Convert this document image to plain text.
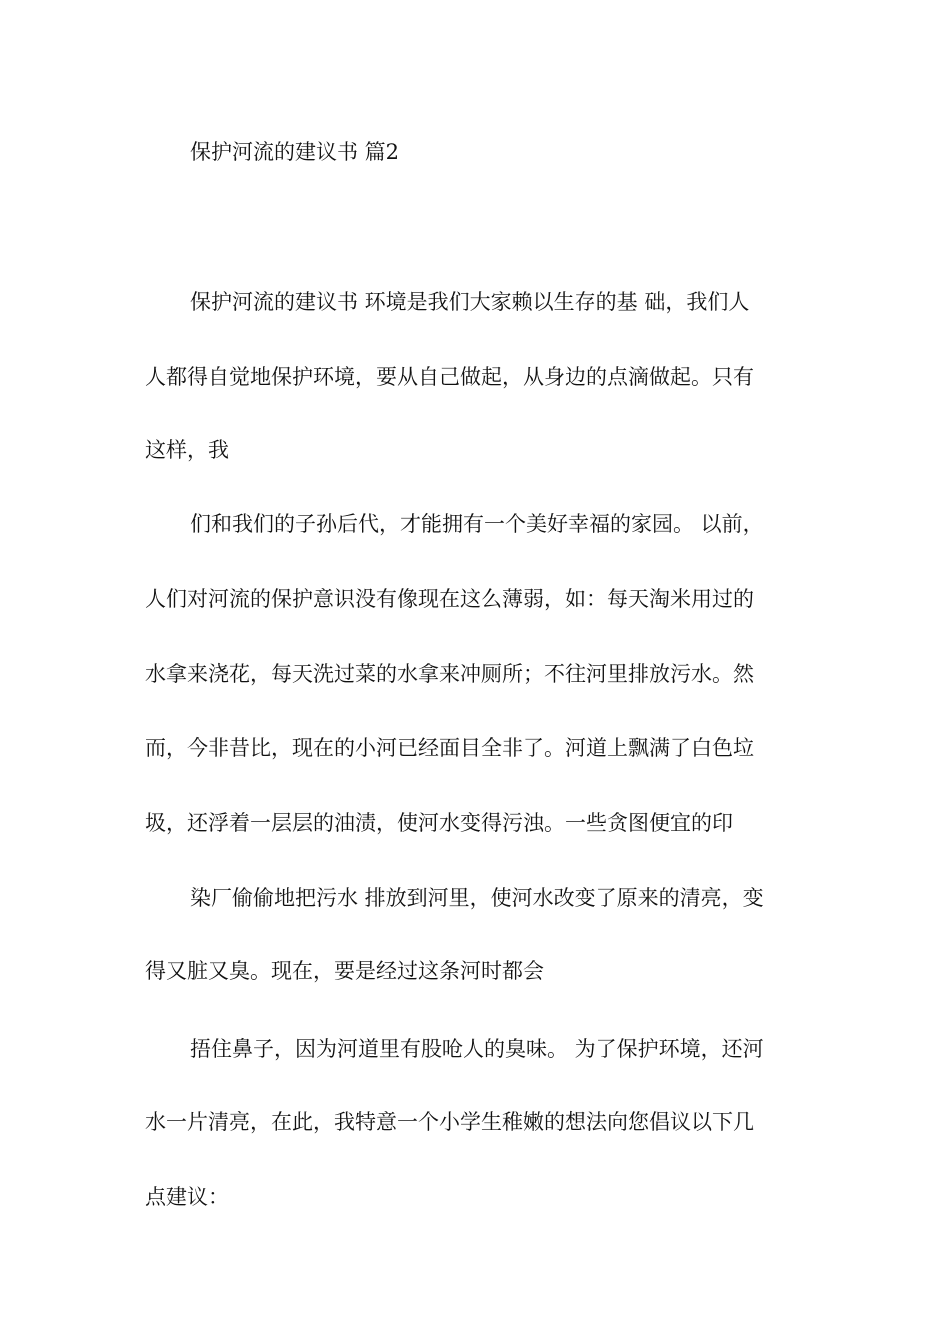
保护河流的建议书 篇2
保护河流的建议书 环境是我们大家赖以生存的基 础，我们人
人都得自觉地保护环境，要从自己做起，从身边的点滴做起。只有
这样，我
们和我们的子孙后代，才能拥有一个美好幸福的家园。 以前，
人们对河流的保护意识没有像现在这么薄弱，如：每天淘米用过的
水拿来浇花，每天洗过菜的水拿来冲厕所；不往河里排放污水。然
而，今非昔比，现在的小河已经面目全非了。河道上飘满了白色垃
圾，还浮着一层层的油渍，使河水变得污浊。一些贪图便宜的印
染厂偷偷地把污水 排放到河里，使河水改变了原来的清亮，变
得又脏又臭。现在，要是经过这条河时都会
捂住鼻子，因为河道里有股呛人的臭味。 为了保护环境，还河
水一片清亮，在此，我特意一个小学生稚嫩的想法向您倡议以下几
点建议：
